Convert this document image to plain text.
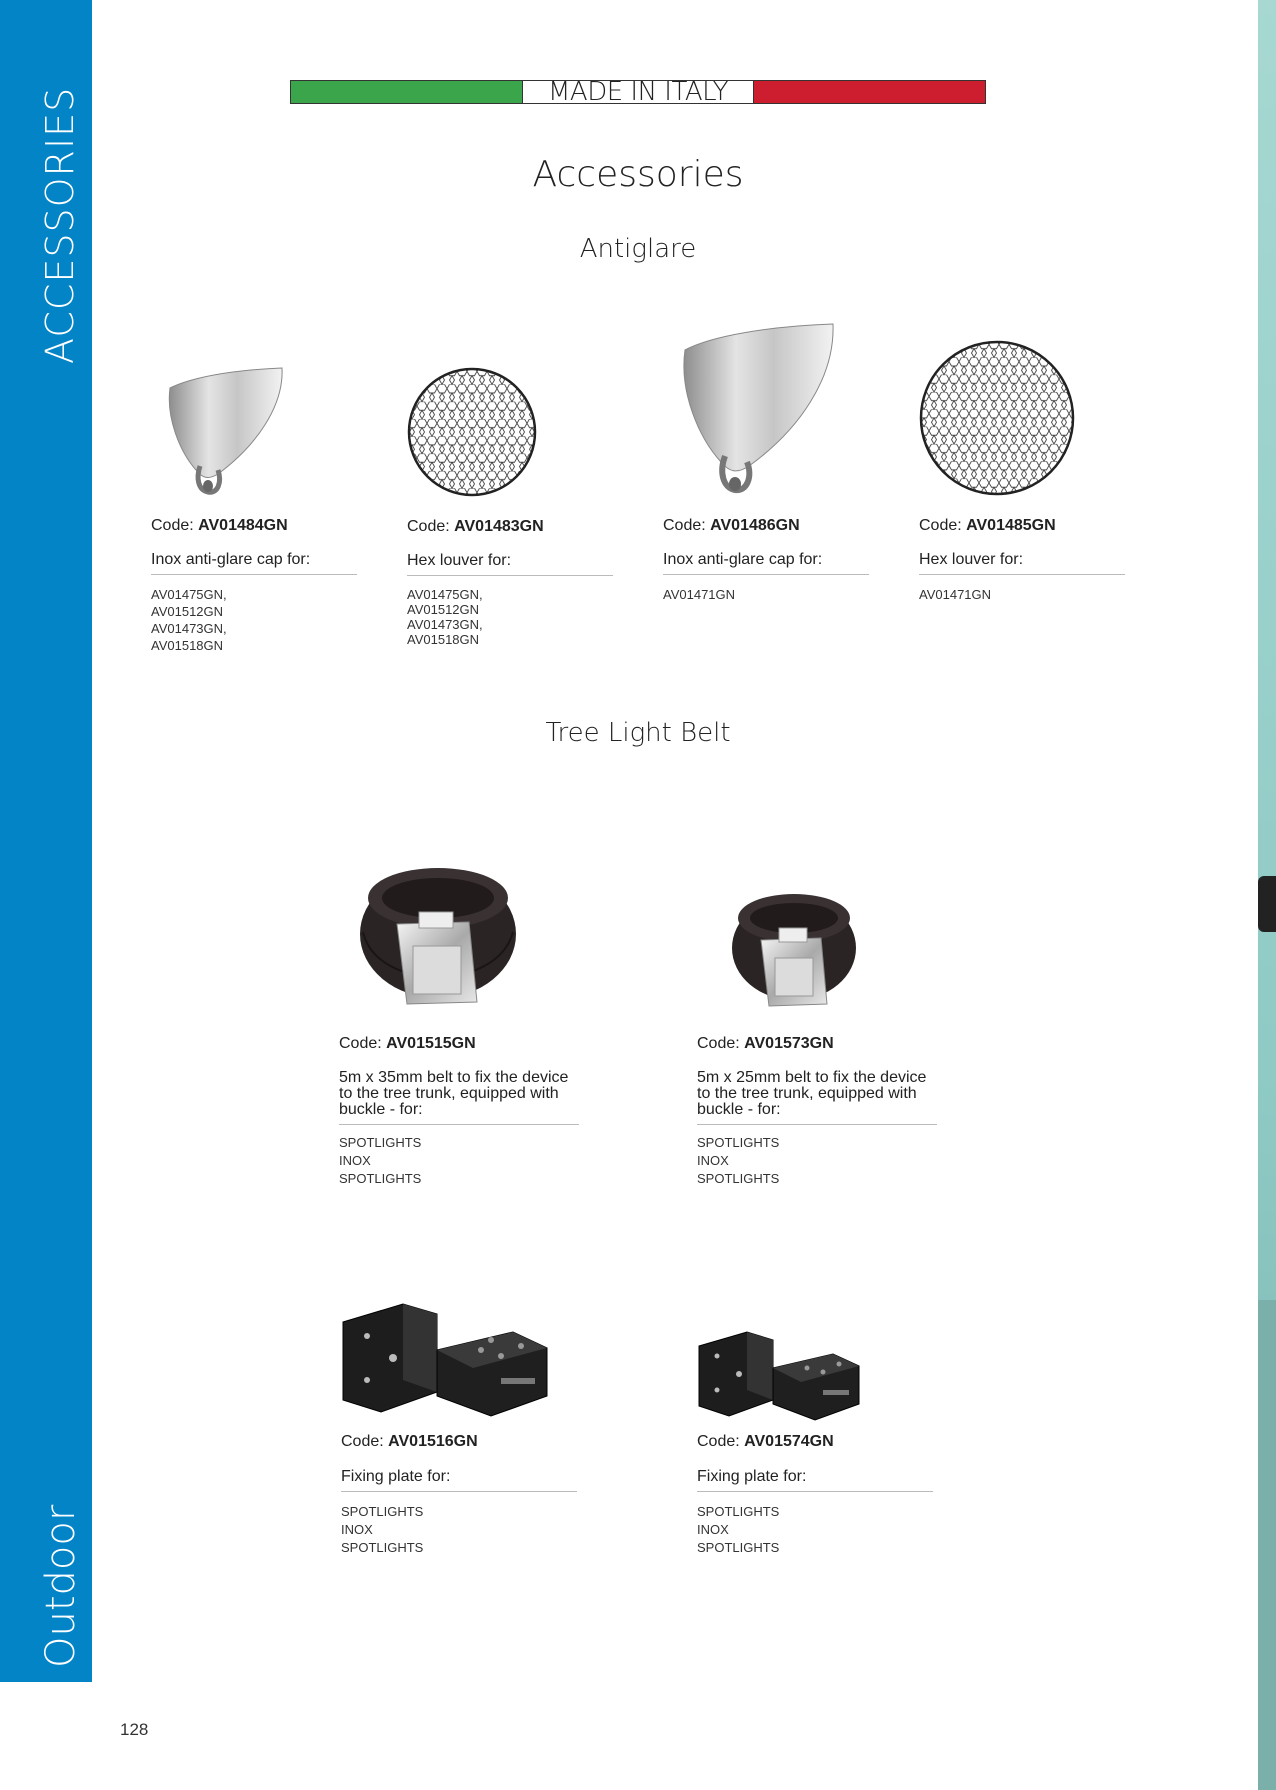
ACCESSORIES
Outdoor
MADE IN ITALY
Accessories
Antiglare
Tree Light Belt
Code: AV01484GN
Inox anti-glare cap for:
AV01475GN, AV01512GN
AV01473GN, AV01518GN
Code: AV01483GN
Hex louver for:
AV01475GN, AV01512GN
AV01473GN, AV01518GN
Code: AV01486GN
Inox anti-glare cap for:
AV01471GN
Code: AV01485GN
Hex louver for:
AV01471GN
Code: AV01515GN
5m x 35mm belt to fix the device to the tree trunk, equipped with buckle - for:
SPOTLIGHTS INOX
SPOTLIGHTS
Code: AV01573GN
5m x 25mm belt to fix the device to the tree trunk, equipped with buckle - for:
SPOTLIGHTS INOX
SPOTLIGHTS
Code: AV01516GN
Fixing plate for:
SPOTLIGHTS INOX
SPOTLIGHTS
Code: AV01574GN
Fixing plate for:
SPOTLIGHTS INOX
SPOTLIGHTS
128
